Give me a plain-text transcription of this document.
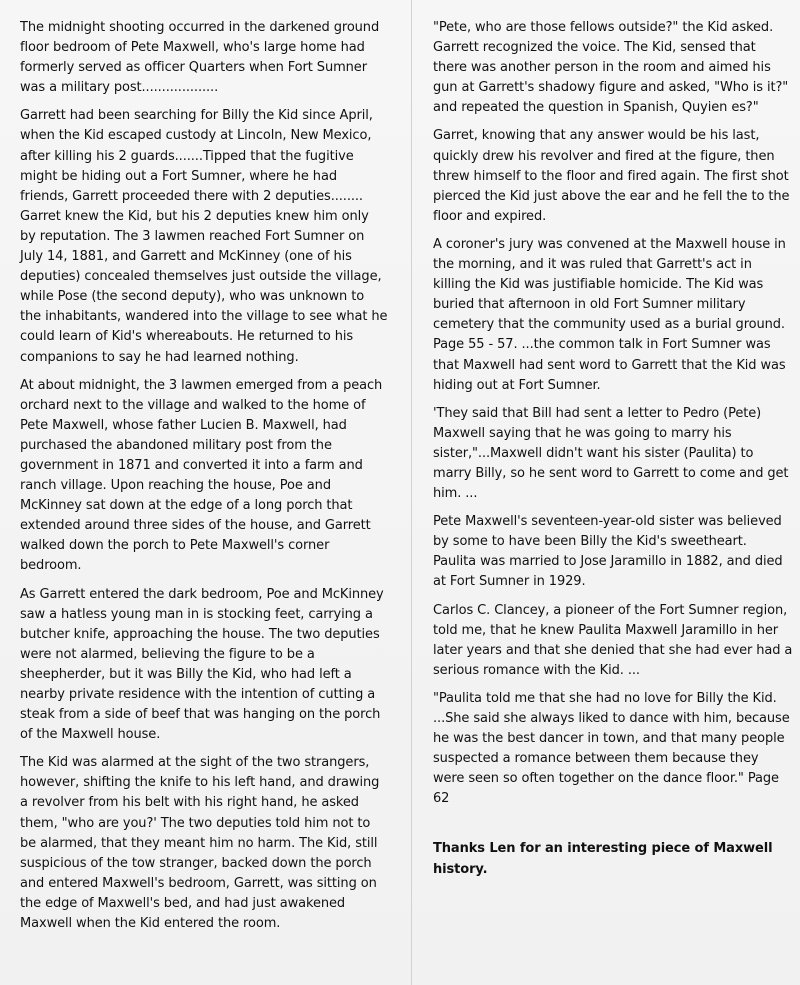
The midnight shooting occurred in the darkened ground floor bedroom of Pete Maxwell, who's large home had formerly served as officer Quarters when Fort Sumner was a military post...................

Garrett had been searching for Billy the Kid since April, when the Kid escaped custody at Lincoln, New Mexico, after killing his 2 guards.......Tipped that the fugitive might be hiding out a Fort Sumner, where he had friends, Garrett proceeded there with 2 deputies........ Garret knew the Kid, but his 2 deputies knew him only by reputation. The 3 lawmen reached Fort Sumner on July 14, 1881, and Garrett and McKinney (one of his deputies) concealed themselves just outside the village, while Pose (the second deputy), who was unknown to the inhabitants, wandered into the village to see what he could learn of Kid's whereabouts. He returned to his companions to say he had learned nothing.

At about midnight, the 3 lawmen emerged from a peach orchard next to the village and walked to the home of Pete Maxwell, whose father Lucien B. Maxwell, had purchased the abandoned military post from the government in 1871 and converted it into a farm and ranch village. Upon reaching the house, Poe and McKinney sat down at the edge of a long porch that extended around three sides of the house, and Garrett walked down the porch to Pete Maxwell's corner bedroom.

As Garrett entered the dark bedroom, Poe and McKinney saw a hatless young man in is stocking feet, carrying a butcher knife, approaching the house. The two deputies were not alarmed, believing the figure to be a sheepherder, but it was Billy the Kid, who had left a nearby private residence with the intention of cutting a steak from a side of beef that was hanging on the porch of the Maxwell house.

The Kid was alarmed at the sight of the two strangers, however, shifting the knife to his left hand, and drawing a revolver from his belt with his right hand, he asked them, "who are you?' The two deputies told him not to be alarmed, that they meant him no harm. The Kid, still suspicious of the tow stranger, backed down the porch and entered Maxwell's bedroom, Garrett, was sitting on the edge of Maxwell's bed, and had just awakened Maxwell when the Kid entered the room.

"Pete, who are those fellows outside?" the Kid asked. Garrett recognized the voice. The Kid, sensed that there was another person in the room and aimed his gun at Garrett's shadowy figure and asked, "Who is it?" and repeated the question in Spanish, Quyien es?"

Garret, knowing that any answer would be his last, quickly drew his revolver and fired at the figure, then threw himself to the floor and fired again. The first shot pierced the Kid just above the ear and he fell the to the floor and expired.

A coroner's jury was convened at the Maxwell house in the morning, and it was ruled that Garrett's act in killing the Kid was justifiable homicide. The Kid was buried that afternoon in old Fort Sumner military cemetery that the community used as a burial ground. Page 55 - 57. ...the common talk in Fort Sumner was that Maxwell had sent word to Garrett that the Kid was hiding out at Fort Sumner.

'They said that Bill had sent a letter to Pedro (Pete) Maxwell saying that he was going to marry his sister,"...Maxwell didn't want his sister (Paulita) to marry Billy, so he sent word to Garrett to come and get him. ...

Pete Maxwell's seventeen-year-old sister was believed by some to have been Billy the Kid's sweetheart. Paulita was married to Jose Jaramillo in 1882, and died at Fort Sumner in 1929.

Carlos C. Clancey, a pioneer of the Fort Sumner region, told me, that he knew Paulita Maxwell Jaramillo in her later years and that she denied that she had ever had a serious romance with the Kid. ...

"Paulita told me that she had no love for Billy the Kid. ...She said she always liked to dance with him, because he was the best dancer in town, and that many people suspected a romance between them because they were seen so often together on the dance floor." Page 62

Thanks Len for an interesting piece of Maxwell history.
